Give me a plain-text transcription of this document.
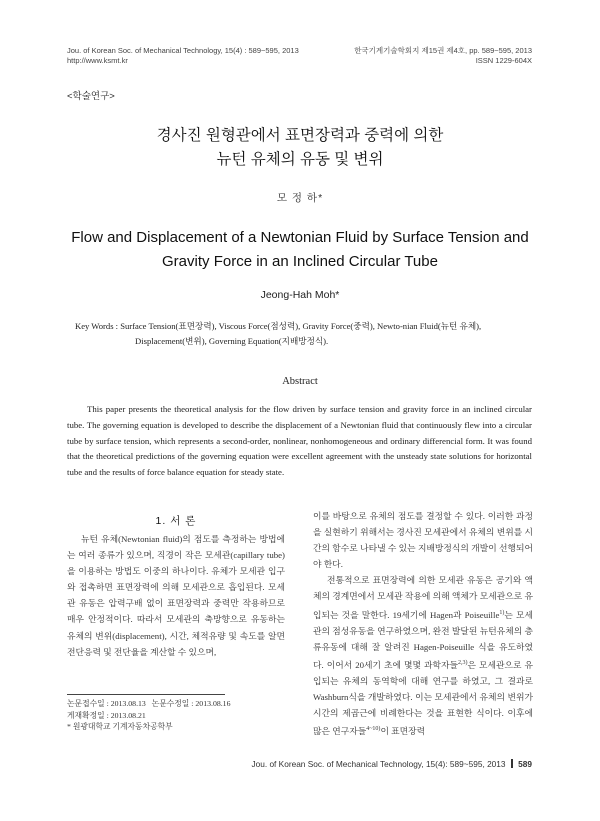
Jou. of Korean Soc. of Mechanical Technology, 15(4) : 589~595, 2013
http://www.ksmt.kr
한국기계기술학회지 제15권 제4호, pp. 589~595, 2013
ISSN 1229-604X
<학술연구>
경사진 원형관에서 표면장력과 중력에 의한
뉴턴 유체의 유동 및 변위
모 정 하*
Flow and Displacement of a Newtonian Fluid by Surface Tension and
Gravity Force in an Inclined Circular Tube
Jeong-Hah Moh*
Key Words : Surface Tension(표면장력), Viscous Force(점성력), Gravity Force(중력), Newto-nian Fluid(뉴턴 유체),
Displacement(변위), Governing Equation(지배방정식).
Abstract
This paper presents the theoretical analysis for the flow driven by surface tension and gravity force in an inclined circular tube. The governing equation is developed to describe the displacement of a Newtonian fluid that continuously flew into a circular tube by surface tension, which represents a second-order, nonlinear, nonhomogeneous and ordinary differencial form. It was found that the theoretical predictions of the governing equation were excellent agreement with the unsteady state solutions for horizontal tube and the results of force balance equation for steady state.
1. 서 론

뉴턴 유체(Newtonian fluid)의 점도를 측정하는 방법에는 여러 종류가 있으며, 직경이 작은 모세관(capillary tube)을 이용하는 방법도 이중의 하나이다. 유체가 모세관 입구와 접촉하면 표면장력에 의해 모세관으로 흡입된다. 모세관 유동은 압력구배 없이 표면장력과 중력만 작용하므로 매우 안정적이다. 따라서 모세관의 축방향으로 유동하는 유체의 변위(displacement), 시간, 체적유량 및 속도를 알면 전단응력 및 전단율을 계산할 수 있으며,

논문접수일 : 2013.08.13 논문수정일 : 2013.08.16
게재확정일 : 2013.08.21
* 원광대학교 기계자동차공학부

이를 바탕으로 유체의 점도를 결정할 수 있다. 이러한 과정을 실현하기 위해서는 경사진 모세관에서 유체의 변위를 시간의 함수로 나타낼 수 있는 지배방정식의 개발이 선행되어야 한다.

전통적으로 표면장력에 의한 모세관 유동은 공기와 액체의 경계면에서 모세관 작용에 의해 액체가 모세관으로 유입되는 것을 말한다. 19세기에 Hagen과 Poiseuille$^{1)}$는 모세관의 점성유동을 연구하였으며, 완전 발달된 뉴턴유체의 층류유동에 대해 잘 알려진 Hagen-Poiseuille 식을 유도하였다. 이어서 20세기 초에 몇몇 과학자들$^{2,3)}$은 모세관으로 유입되는 유체의 동역학에 대해 연구를 하였고, 그 결과로 Washburn식을 개발하였다. 이는 모세관에서 유체의 변위가 시간의 제곱근에 비례한다는 것을 표현한 식이다. 이후에 많은 연구자들$^{4\sim 10)}$이 표면장력

Jou. of Korean Soc. of Mechanical Technology, 15(4): 589~595, 2013 589
